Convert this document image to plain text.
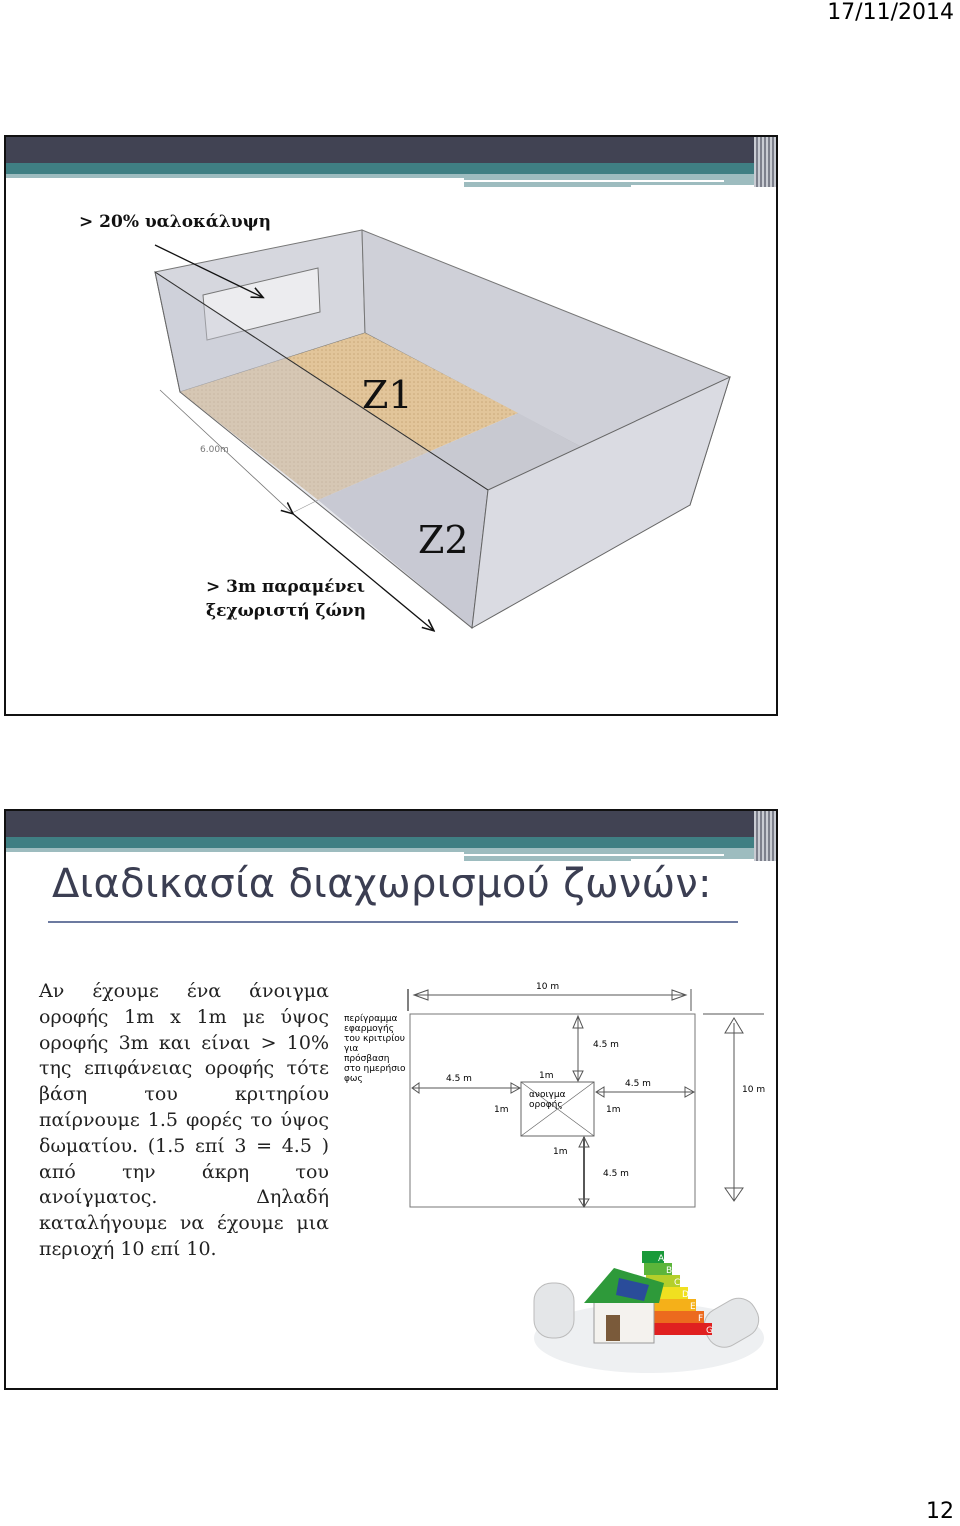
17/11/2014
6.00m
> 20% υαλοκάλυψη
Z1
Z2
> 3m παραμένει
ξεχωριστή ζώνη
Διαδικασία διαχωρισμού ζωνών:
Αν έχουμε ένα άνοιγμα οροφής 1m x 1m με ύψος οροφής 3m και είναι > 10% της επιφάνειας οροφής τότε βάση του κριτηρίου παίρνουμε 1.5 φορές το ύψος δωματίου. (1.5 επί 3 = 4.5 ) από την άκρη του ανοίγματος. Δηλαδή καταλήγουμε να έχουμε μια περιοχή 10 επί 10.
περίγραμμα
εφαρμογής
του κριτιρίου
για
πρόσβαση
στο ημερήσιο
φως
10 m
10 m
ανοιγμα
οροφής
4.5 m
4.5 m	4.5 m
4.5 m
1m
1m	1m
1m
A
B
C
D
E
F
G
12
